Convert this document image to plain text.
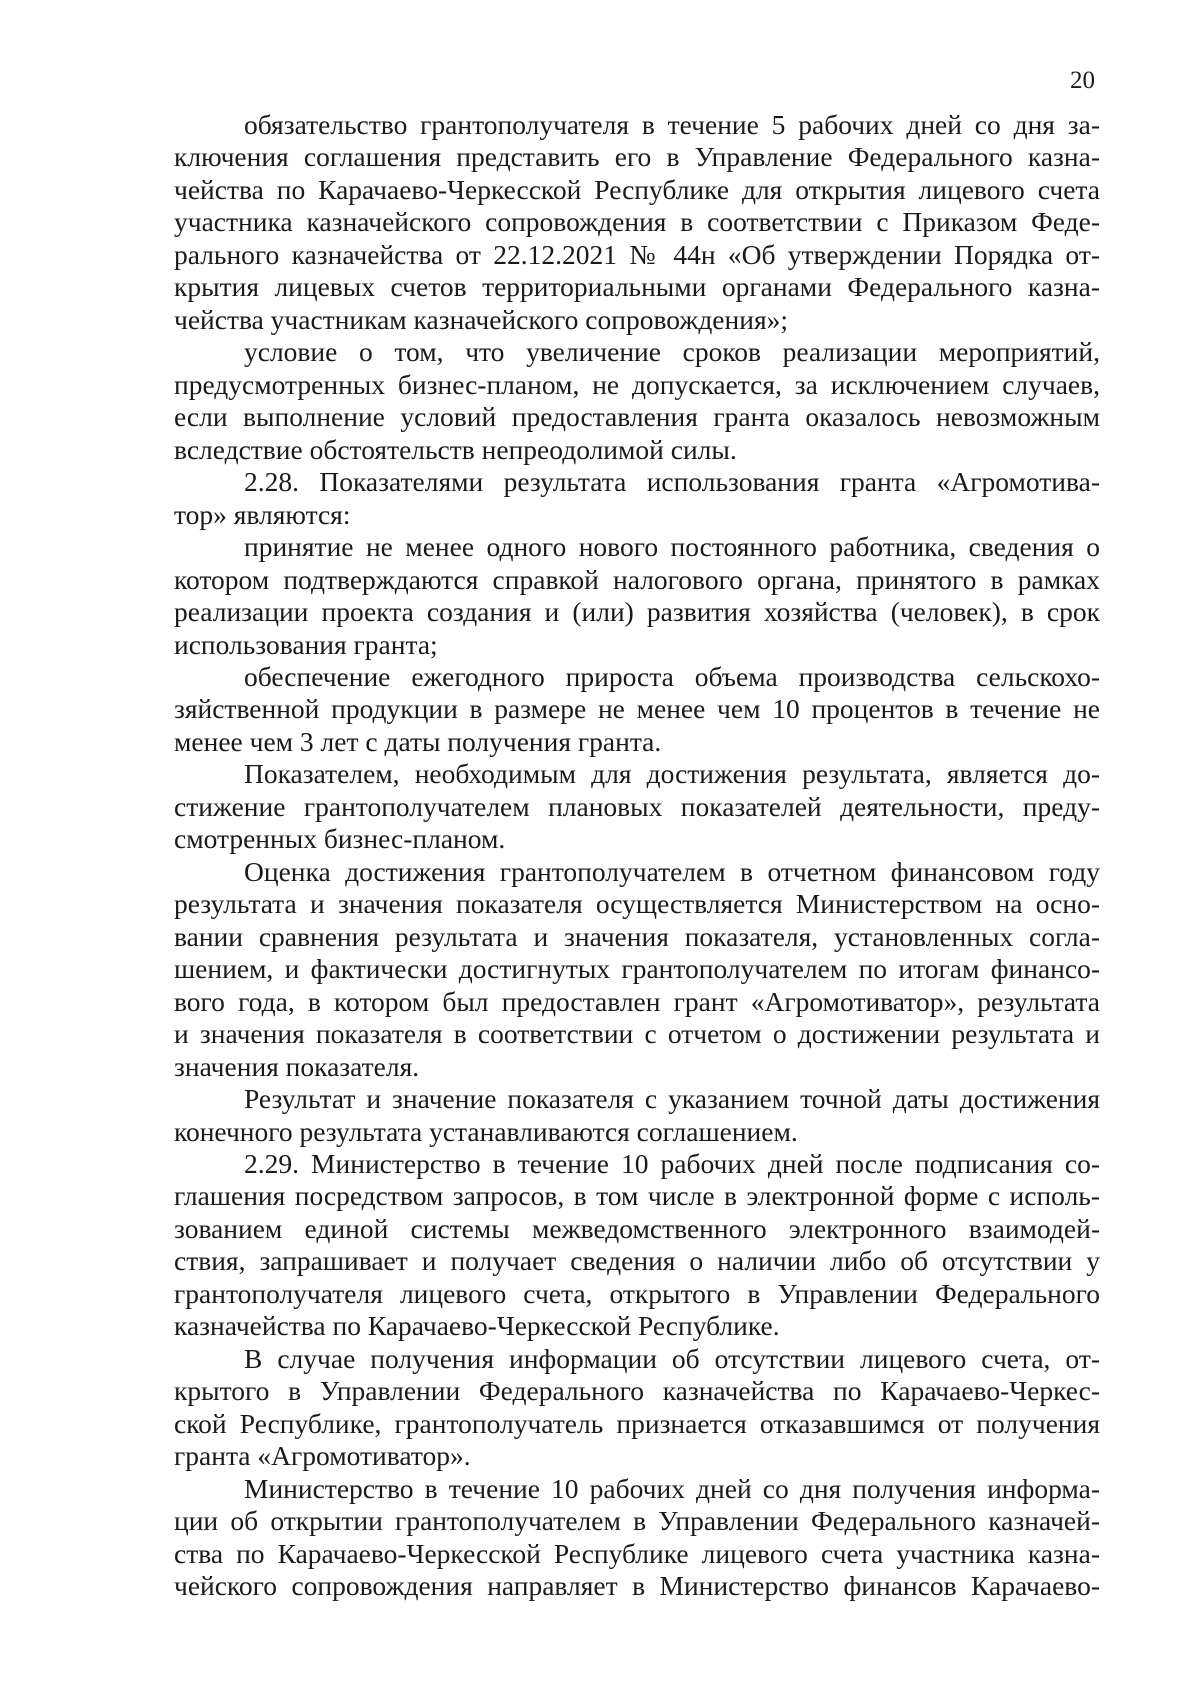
20
обязательство грантополучателя в течение 5 рабочих дней со дня за-
ключения соглашения представить его в Управление Федерального казна-
чейства по Карачаево-Черкесской Республике для открытия лицевого счета
участника казначейского сопровождения в соответствии с Приказом Феде-
рального казначейства от 22.12.2021 № 44н «Об утверждении Порядка от-
крытия лицевых счетов территориальными органами Федерального казна-
чейства участникам казначейского сопровождения»;
условие о том, что увеличение сроков реализации мероприятий,
предусмотренных бизнес-планом, не допускается, за исключением случаев,
если выполнение условий предоставления гранта оказалось невозможным
вследствие обстоятельств непреодолимой силы.
2.28. Показателями результата использования гранта «Агромотива-
тор» являются:
принятие не менее одного нового постоянного работника, сведения о
котором подтверждаются справкой налогового органа, принятого в рамках
реализации проекта создания и (или) развития хозяйства (человек), в срок
использования гранта;
обеспечение ежегодного прироста объема производства сельскохо-
зяйственной продукции в размере не менее чем 10 процентов в течение не
менее чем 3 лет с даты получения гранта.
Показателем, необходимым для достижения результата, является до-
стижение грантополучателем плановых показателей деятельности, преду-
смотренных бизнес-планом.
Оценка достижения грантополучателем в отчетном финансовом году
результата и значения показателя осуществляется Министерством на осно-
вании сравнения результата и значения показателя, установленных согла-
шением, и фактически достигнутых грантополучателем по итогам финансо-
вого года, в котором был предоставлен грант «Агромотиватор», результата
и значения показателя в соответствии с отчетом о достижении результата и
значения показателя.
Результат и значение показателя с указанием точной даты достижения
конечного результата устанавливаются соглашением.
2.29. Министерство в течение 10 рабочих дней после подписания со-
глашения посредством запросов, в том числе в электронной форме с исполь-
зованием единой системы межведомственного электронного взаимодей-
ствия, запрашивает и получает сведения о наличии либо об отсутствии у
грантополучателя лицевого счета, открытого в Управлении Федерального
казначейства по Карачаево-Черкесской Республике.
В случае получения информации об отсутствии лицевого счета, от-
крытого в Управлении Федерального казначейства по Карачаево-Черкес-
ской Республике, грантополучатель признается отказавшимся от получения
гранта «Агромотиватор».
Министерство в течение 10 рабочих дней со дня получения информа-
ции об открытии грантополучателем в Управлении Федерального казначей-
ства по Карачаево-Черкесской Республике лицевого счета участника казна-
чейского сопровождения направляет в Министерство финансов Карачаево-
